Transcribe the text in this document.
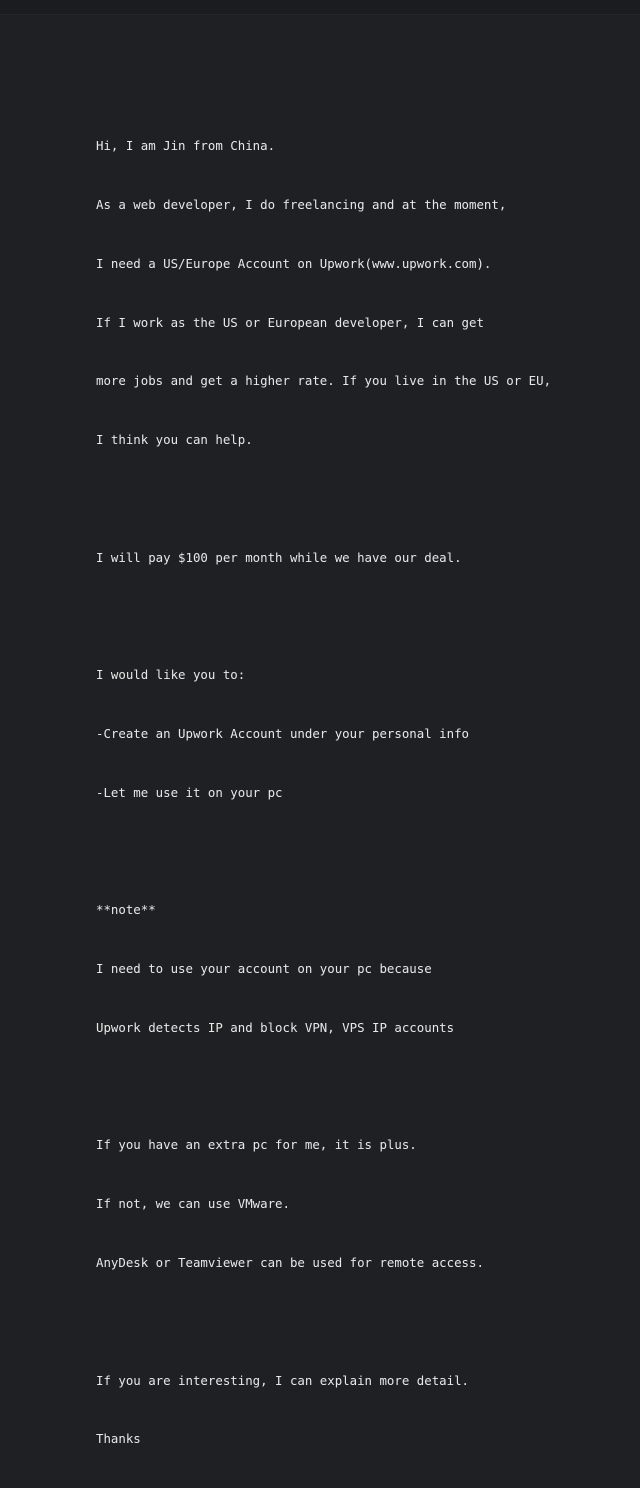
Hi, I am Jin from China.

As a web developer, I do freelancing and at the moment,

I need a US/Europe Account on Upwork(www.upwork.com).

If I work as the US or European developer, I can get

more jobs and get a higher rate. If you live in the US or EU,

I think you can help.

I will pay $100 per month while we have our deal.

I would like you to:

-Create an Upwork Account under your personal info

-Let me use it on your pc

**note**

I need to use your account on your pc because

Upwork detects IP and block VPN, VPS IP accounts

If you have an extra pc for me, it is plus.

If not, we can use VMware.

AnyDesk or Teamviewer can be used for remote access.

If you are interesting, I can explain more detail.

Thanks
